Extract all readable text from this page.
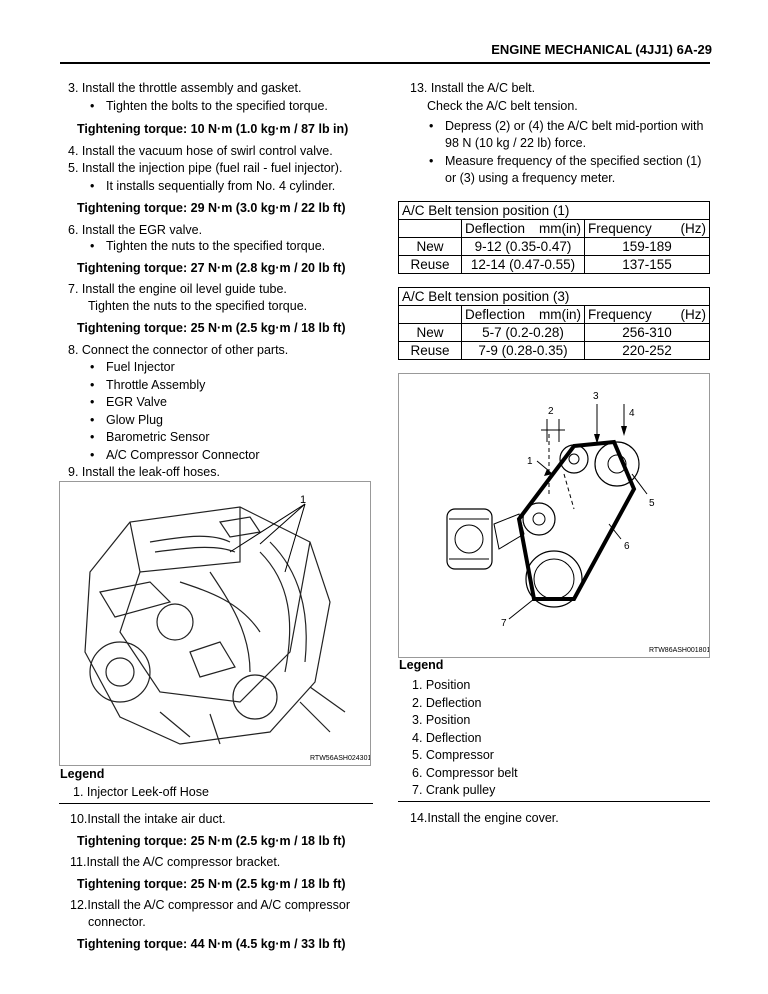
ENGINE MECHANICAL (4JJ1) 6A-29
3. Install the throttle assembly and gasket.
• Tighten the bolts to the specified torque.
Tightening torque: 10 N·m (1.0 kg·m / 87 lb in)
4. Install the vacuum hose of swirl control valve.
5. Install the injection pipe (fuel rail - fuel injector).
• It installs sequentially from No. 4 cylinder.
Tightening torque: 29 N·m (3.0 kg·m / 22 lb ft)
6. Install the EGR valve.
• Tighten the nuts to the specified torque.
Tightening torque: 27 N·m (2.8 kg·m / 20 lb ft)
7. Install the engine oil level guide tube.
Tighten the nuts to the specified torque.
Tightening torque: 25 N·m (2.5 kg·m / 18 lb ft)
8. Connect the connector of other parts.
• Fuel Injector
• Throttle Assembly
• EGR Valve
• Glow Plug
• Barometric Sensor
• A/C Compressor Connector
9. Install the leak-off hoses.
1
RTW56ASH024301
Legend
1. Injector Leek-off Hose
10.Install the intake air duct.
Tightening torque: 25 N·m (2.5 kg·m / 18 lb ft)
11.Install the A/C compressor bracket.
Tightening torque: 25 N·m (2.5 kg·m / 18 lb ft)
12.Install the A/C compressor and A/C compressor
connector.
Tightening torque: 44 N·m (4.5 kg·m / 33 lb ft)
13. Install the A/C belt.
Check the A/C belt tension.
• Depress (2) or (4) the A/C belt mid-portion with
98 N (10 kg / 22 lb) force.
• Measure frequency of the specified section (1)
or (3) using a frequency meter.
A/C Belt tension position (1)		
	Deflection mm(in)	Frequency (Hz)

New	9-12 (0.35-0.47)	159-189
Reuse	12-14 (0.47-0.55)	137-155
A/C Belt tension position (3)		
	Deflection mm(in)	Frequency (Hz)

New	5-7 (0.2-0.28)	256-310
Reuse	7-9 (0.28-0.35)	220-252
1
2
3
4
5
6
7
RTW86ASH001801
Legend
1. Position
2. Deflection
3. Position
4. Deflection
5. Compressor
6. Compressor belt
7. Crank pulley
14.Install the engine cover.
